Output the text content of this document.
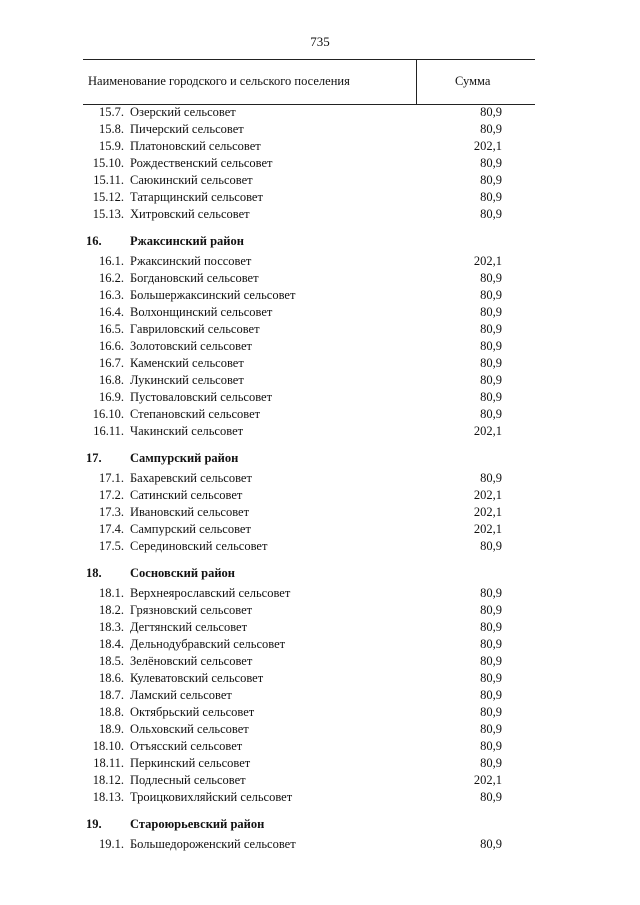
735
Наименование городского и сельского поселения	Сумма
15.7. Озерский сельсовет	80,9
15.8. Пичерский сельсовет	80,9
15.9. Платоновский сельсовет	202,1
15.10. Рождественский сельсовет	80,9
15.11. Саюкинский сельсовет	80,9
15.12. Татарщинский сельсовет	80,9
15.13. Хитровский сельсовет	80,9
16.	Ржаксинский район
16.1. Ржаксинский поссовет	202,1
16.2. Богдановский сельсовет	80,9
16.3. Большержаксинский сельсовет	80,9
16.4. Волхонщинский сельсовет	80,9
16.5. Гавриловский сельсовет	80,9
16.6. Золотовский сельсовет	80,9
16.7. Каменский сельсовет	80,9
16.8. Лукинский сельсовет	80,9
16.9. Пустоваловский сельсовет	80,9
16.10. Степановский сельсовет	80,9
16.11. Чакинский сельсовет	202,1
17.	Сампурский район
17.1. Бахаревский сельсовет	80,9
17.2. Сатинский сельсовет	202,1
17.3. Ивановский сельсовет	202,1
17.4. Сампурский сельсовет	202,1
17.5. Серединовский сельсовет	80,9
18.	Сосновский район
18.1. Верхнеярославский сельсовет	80,9
18.2. Грязновский сельсовет	80,9
18.3. Дегтянский сельсовет	80,9
18.4. Дельнодубравский сельсовет	80,9
18.5. Зелёновский сельсовет	80,9
18.6. Кулеватовский сельсовет	80,9
18.7. Ламский сельсовет	80,9
18.8. Октябрьский сельсовет	80,9
18.9. Ольховский сельсовет	80,9
18.10. Отъясский сельсовет	80,9
18.11. Перкинский сельсовет	80,9
18.12. Подлесный сельсовет	202,1
18.13. Троицковихляйский сельсовет	80,9
19.	Староюрьевский район
19.1. Большедороженский сельсовет	80,9
